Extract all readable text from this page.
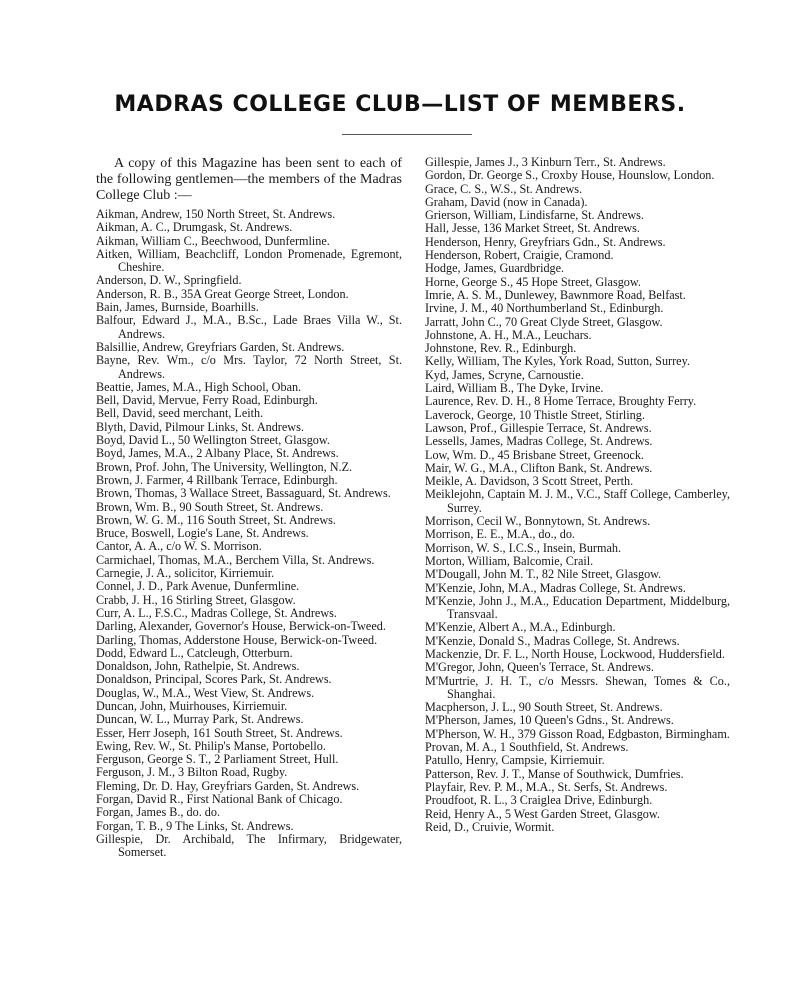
MADRAS COLLEGE CLUB—LIST OF MEMBERS.
A copy of this Magazine has been sent to each of the following gentlemen—the members of the Madras College Club :—
Aikman, Andrew, 150 North Street, St. Andrews.
Aikman, A. C., Drumgask, St. Andrews.
Aikman, William C., Beechwood, Dunfermline.
Aitken, William, Beachcliff, London Promenade, Egremont, Cheshire.
Anderson, D. W., Springfield.
Anderson, R. B., 35A Great George Street, London.
Bain, James, Burnside, Boarhills.
Balfour, Edward J., M.A., B.Sc., Lade Braes Villa W., St. Andrews.
Balsillie, Andrew, Greyfriars Garden, St. Andrews.
Bayne, Rev. Wm., c/o Mrs. Taylor, 72 North Street, St. Andrews.
Beattie, James, M.A., High School, Oban.
Bell, David, Mervue, Ferry Road, Edinburgh.
Bell, David, seed merchant, Leith.
Blyth, David, Pilmour Links, St. Andrews.
Boyd, David L., 50 Wellington Street, Glasgow.
Boyd, James, M.A., 2 Albany Place, St. Andrews.
Brown, Prof. John, The University, Wellington, N.Z.
Brown, J. Farmer, 4 Rillbank Terrace, Edinburgh.
Brown, Thomas, 3 Wallace Street, Bassaguard, St. Andrews.
Brown, Wm. B., 90 South Street, St. Andrews.
Brown, W. G. M., 116 South Street, St. Andrews.
Bruce, Boswell, Logie's Lane, St. Andrews.
Cantor, A. A., c/o W. S. Morrison.
Carmichael, Thomas, M.A., Berchem Villa, St. Andrews.
Carnegie, J. A., solicitor, Kirriemuir.
Connel, J. D., Park Avenue, Dunfermline.
Crabb, J. H., 16 Stirling Street, Glasgow.
Curr, A. L., F.S.C., Madras College, St. Andrews.
Darling, Alexander, Governor's House, Berwick-on-Tweed.
Darling, Thomas, Adderstone House, Berwick-on-Tweed.
Dodd, Edward L., Catcleugh, Otterburn.
Donaldson, John, Rathelpie, St. Andrews.
Donaldson, Principal, Scores Park, St. Andrews.
Douglas, W., M.A., West View, St. Andrews.
Duncan, John, Muirhouses, Kirriemuir.
Duncan, W. L., Murray Park, St. Andrews.
Esser, Herr Joseph, 161 South Street, St. Andrews.
Ewing, Rev. W., St. Philip's Manse, Portobello.
Ferguson, George S. T., 2 Parliament Street, Hull.
Ferguson, J. M., 3 Bilton Road, Rugby.
Fleming, Dr. D. Hay, Greyfriars Garden, St. Andrews.
Forgan, David R., First National Bank of Chicago.
Forgan, James B., do. do.
Forgan, T. B., 9 The Links, St. Andrews.
Gillespie, Dr. Archibald, The Infirmary, Bridgewater, Somerset.
Gillespie, James J., 3 Kinburn Terr., St. Andrews.
Gordon, Dr. George S., Croxby House, Hounslow, London.
Grace, C. S., W.S., St. Andrews.
Graham, David (now in Canada).
Grierson, William, Lindisfarne, St. Andrews.
Hall, Jesse, 136 Market Street, St. Andrews.
Henderson, Henry, Greyfriars Gdn., St. Andrews.
Henderson, Robert, Craigie, Cramond.
Hodge, James, Guardbridge.
Horne, George S., 45 Hope Street, Glasgow.
Imrie, A. S. M., Dunlewey, Bawnmore Road, Belfast.
Irvine, J. M., 40 Northumberland St., Edinburgh.
Jarratt, John C., 70 Great Clyde Street, Glasgow.
Johnstone, A. H., M.A., Leuchars.
Johnstone, Rev. R., Edinburgh.
Kelly, William, The Kyles, York Road, Sutton, Surrey.
Kyd, James, Scryne, Carnoustie.
Laird, William B., The Dyke, Irvine.
Laurence, Rev. D. H., 8 Home Terrace, Broughty Ferry.
Laverock, George, 10 Thistle Street, Stirling.
Lawson, Prof., Gillespie Terrace, St. Andrews.
Lessells, James, Madras College, St. Andrews.
Low, Wm. D., 45 Brisbane Street, Greenock.
Mair, W. G., M.A., Clifton Bank, St. Andrews.
Meikle, A. Davidson, 3 Scott Street, Perth.
Meiklejohn, Captain M. J. M., V.C., Staff College, Camberley, Surrey.
Morrison, Cecil W., Bonnytown, St. Andrews.
Morrison, E. E., M.A., do., do.
Morrison, W. S., I.C.S., Insein, Burmah.
Morton, William, Balcomie, Crail.
M'Dougall, John M. T., 82 Nile Street, Glasgow.
M'Kenzie, John, M.A., Madras College, St. Andrews.
M'Kenzie, John J., M.A., Education Department, Middelburg, Transvaal.
M'Kenzie, Albert A., M.A., Edinburgh.
M'Kenzie, Donald S., Madras College, St. Andrews.
Mackenzie, Dr. F. L., North House, Lockwood, Huddersfield.
M'Gregor, John, Queen's Terrace, St. Andrews.
M'Murtrie, J. H. T., c/o Messrs. Shewan, Tomes & Co., Shanghai.
Macpherson, J. L., 90 South Street, St. Andrews.
M'Pherson, James, 10 Queen's Gdns., St. Andrews.
M'Pherson, W. H., 379 Gisson Road, Edgbaston, Birmingham.
Provan, M. A., 1 Southfield, St. Andrews.
Patullo, Henry, Campsie, Kirriemuir.
Patterson, Rev. J. T., Manse of Southwick, Dumfries.
Playfair, Rev. P. M., M.A., St. Serfs, St. Andrews.
Proudfoot, R. L., 3 Craiglea Drive, Edinburgh.
Reid, Henry A., 5 West Garden Street, Glasgow.
Reid, D., Cruivie, Wormit.
